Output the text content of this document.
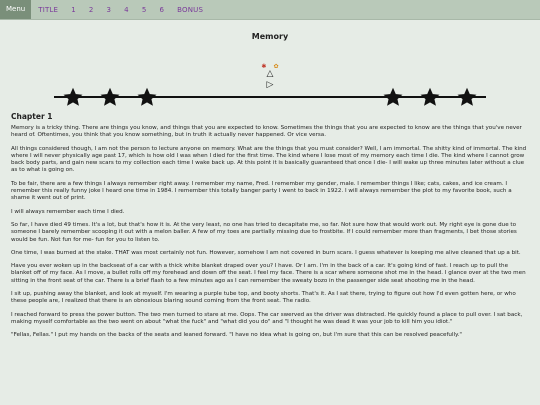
Menu	TITLE 1 2 3 4 5 6 BONUS
Memory
✱ ✿
△
▷
Chapter 1

Memory is a tricky thing. There are things you know, and things that you are expected to know. Sometimes the things that you are expected to know are the things that you've never heard of. Oftentimes, you think that you know something, but in truth it actually never happened. Or vice versa.

All things considered though, I am not the person to lecture anyone on memory. What are the things that you must consider? Well, I am immortal. The shitty kind of immortal. The kind where I will never physically age past 17, which is how old I was when I died for the first time. The kind where I lose most of my memory each time I die. The kind where I cannot grow back body parts, and gain new scars to my collection each time I wake back up. At this point it is basically guaranteed that once I die- I will wake up three minutes later without a clue as to what is going on.

To be fair, there are a few things I always remember right away. I remember my name, Fred. I remember my gender, male. I remember things I like; cats, cakes, and ice cream. I remember this really funny joke I heard one time in 1984. I remember this totally banger party I went to back in 1922. I will always remember the plot to my favorite book, such a shame it went out of print.

I will always remember each time I died.

So far, I have died 49 times. It's a lot, but that's how it is. At the very least, no one has tried to decapitate me, so far. Not sure how that would work out. My right eye is gone due to someone I barely remember scooping it out with a melon baller. A few of my toes are partially missing due to frostbite. If I could remember more than fragments, I bet those stories would be fun. Not fun for me- fun for you to listen to.

One time, I was burned at the stake. THAT was most certainly not fun. However, somehow I am not covered in burn scars. I guess whatever is keeping me alive cleaned that up a bit.

Have you ever woken up in the backseat of a car with a thick white blanket draped over you? I have. Or I am. I'm in the back of a car. It's going kind of fast. I reach up to pull the blanket off of my face. As I move, a bullet rolls off my forehead and down off the seat. I feel my face. There is a scar where someone shot me in the head. I glance over at the two men sitting in the front seat of the car. There is a brief flash to a few minutes ago as I can remember the sweaty bozo in the passenger side seat shooting me in the head.

I sit up, pushing away the blanket, and look at myself. I'm wearing a purple tube top, and booty shorts. That's it. As I sat there, trying to figure out how I'd even gotten here, or who these people are, I realized that there is an obnoxious blaring sound coming from the front seat. The radio.

I reached forward to press the power button. The two men turned to stare at me. Oops. The car swerved as the driver was distracted. He quickly found a place to pull over. I sat back, making myself comfortable as the two went on about "what the fuck" and "what did you do" and "I thought he was dead it was your job to kill him you idiot."

"Fellas, Fellas." I put my hands on the backs of the seats and leaned forward. "I have no idea what is going on, but I'm sure that this can be resolved peacefully."
